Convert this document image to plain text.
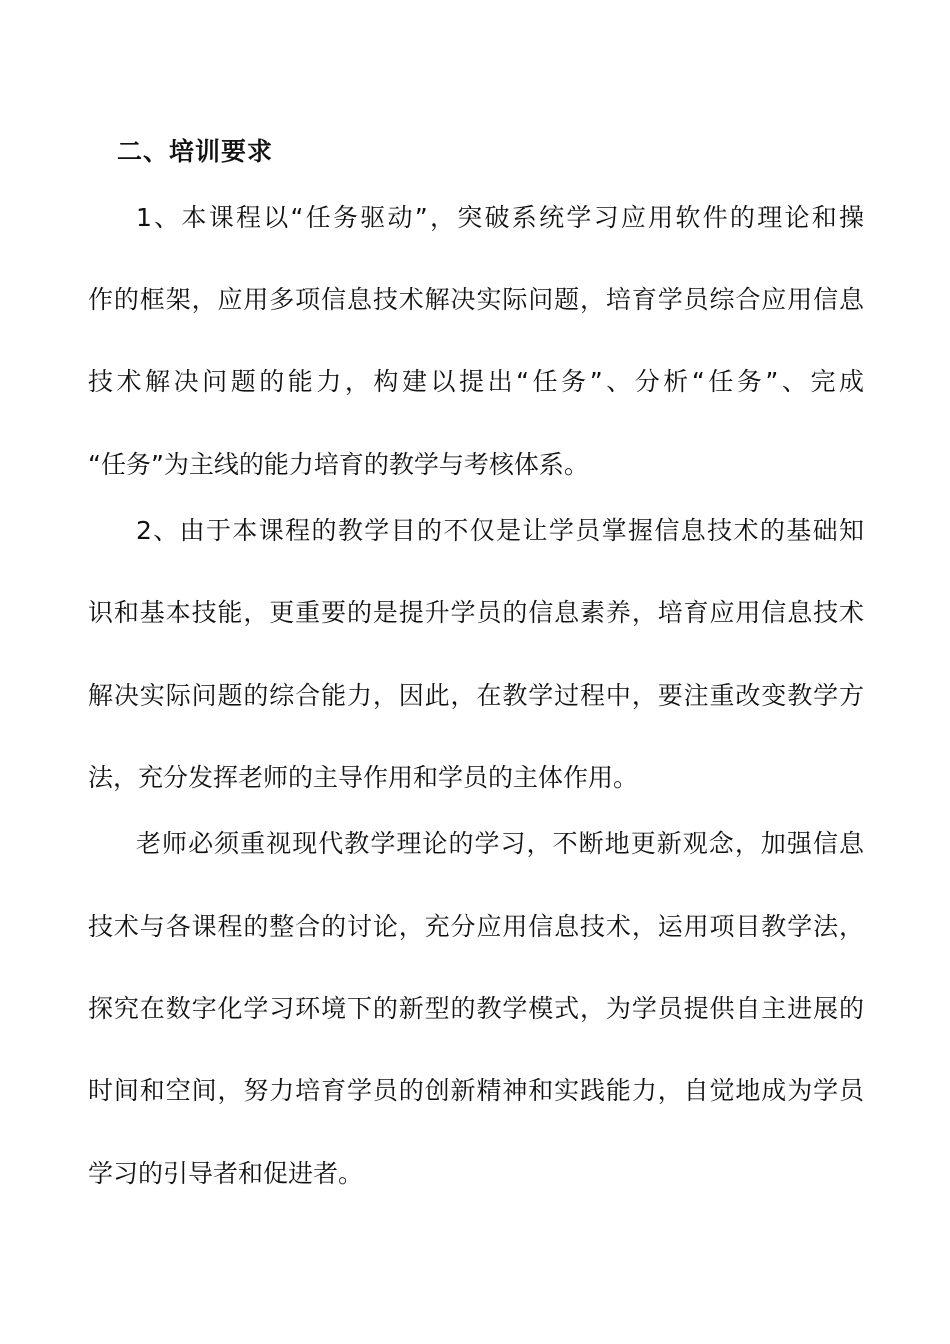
二、培训要求
1、本课程以“任务驱动”，突破系统学习应用软件的理论和操
作的框架，应用多项信息技术解决实际问题，培育学员综合应用信息
技术解决问题的能力，构建以提出“任务”、分析“任务”、完成
“任务”为主线的能力培育的教学与考核体系。
2、由于本课程的教学目的不仅是让学员掌握信息技术的基础知
识和基本技能，更重要的是提升学员的信息素养，培育应用信息技术
解决实际问题的综合能力，因此，在教学过程中，要注重改变教学方
法，充分发挥老师的主导作用和学员的主体作用。
老师必须重视现代教学理论的学习，不断地更新观念，加强信息
技术与各课程的整合的讨论，充分应用信息技术，运用项目教学法，
探究在数字化学习环境下的新型的教学模式，为学员提供自主进展的
时间和空间，努力培育学员的创新精神和实践能力，自觉地成为学员
学习的引导者和促进者。
